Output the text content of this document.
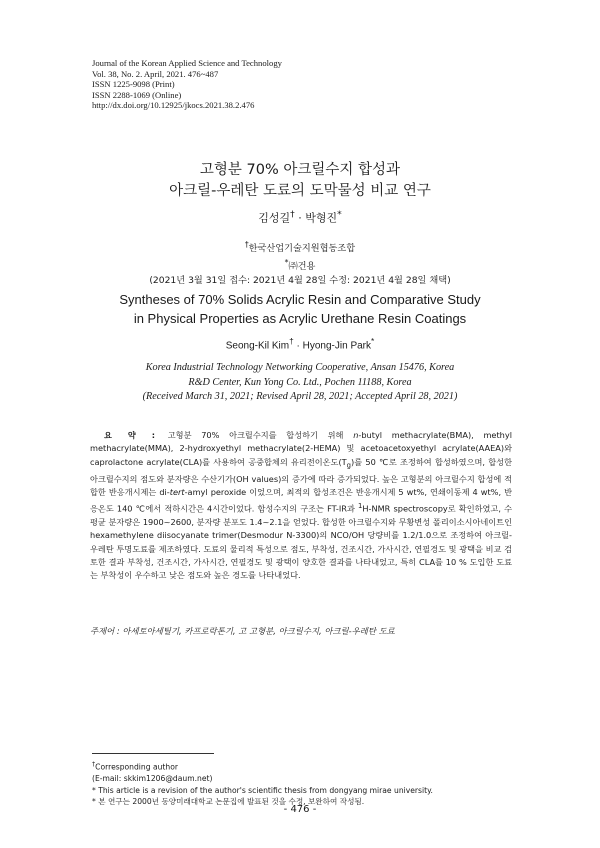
Journal of the Korean Applied Science and Technology
Vol. 38, No. 2. April, 2021. 476~487
ISSN 1225-9098 (Print)
ISSN 2288-1069 (Online)
http://dx.doi.org/10.12925/jkocs.2021.38.2.476
고형분 70% 아크릴수지 합성과
아크릴-우레탄 도료의 도막물성 비교 연구
김성길† · 박형진*
†한국산업기술지원협동조합
*㈜건용
(2021년 3월 31일 접수: 2021년 4월 28일 수정: 2021년 4월 28일 채택)
Syntheses of 70% Solids Acrylic Resin and Comparative Study
in Physical Properties as Acrylic Urethane Resin Coatings
Seong-Kil Kim† · Hyong-Jin Park*
Korea Industrial Technology Networking Cooperative, Ansan 15476, Korea
R&D Center, Kun Yong Co. Ltd., Pochen 11188, Korea
(Received March 31, 2021; Revised April 28, 2021; Accepted April 28, 2021)
요 약 : 고형분 70% 아크릴수지를 합성하기 위해 n-butyl methacrylate(BMA), methyl methacrylate(MMA), 2-hydroxyethyl methacrylate(2-HEMA) 및 acetoacetoxyethyl acrylate(AAEA)와 caprolactone acrylate(CLA)를 사용하여 공중합체의 유리전이온도$(T_g)$를 50 ℃로 조정하여 합성하였으며, 합성한 아크릴수지의 점도와 분자량은 수산기가(OH values)의 증가에 따라 증가되었다. 높은 고형분의 아크릴수지 합성에 적합한 반응개시제는 di-tert-amyl peroxide 이었으며, 최적의 합성조건은 반응개시제 5 wt%, 연쇄이동제 4 wt%, 반응온도 140 ℃에서 적하시간은 4시간이었다. 합성수지의 구조는 FT-IR과 $^1$H-NMR spectroscopy로 확인하였고, 수평균 분자량은 1900~2600, 분자량 분포도 1.4~2.1을 얻었다. 합성한 아크릴수지와 무황변성 폴리이소시아네이트인 hexamethylene diisocyanate trimer(Desmodur N-3300)의 NCO/OH 당량비를 1.2/1.0으로 조정하여 아크릴-우레탄 투명도료를 제조하였다. 도료의 물리적 특성으로 점도, 부착성, 건조시간, 가사시간, 연필경도 및 광택을 비교 검토한 결과 부착성, 건조시간, 가사시간, 연필경도 및 광택이 양호한 결과를 나타내었고, 특히 CLA를 10 % 도입한 도료는 부착성이 우수하고 낮은 점도와 높은 경도를 나타내었다.
주제어 : 아세토아세틸기, 카프로락톤기, 고 고형분, 아크릴수지, 아크릴-우레탄 도료
†Corresponding author
(E-mail: skkim1206@daum.net)
* This article is a revision of the author's scientific thesis from dongyang mirae university.
* 본 연구는 2000년 동양미래대학교 논문집에 발표된 것을 수정, 보완하여 작성됨.
- 476 -
